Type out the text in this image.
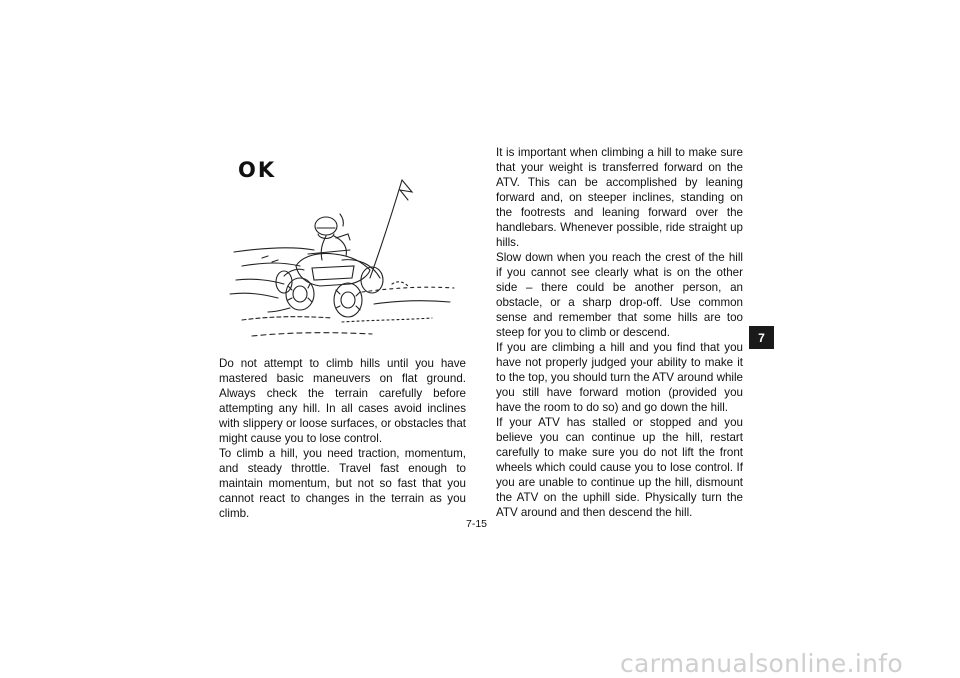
OK

Do not attempt to climb hills until you have mastered basic maneuvers on flat ground. Always check the terrain carefully before attempting any hill. In all cases avoid inclines with slippery or loose surfaces, or obstacles that might cause you to lose control.

To climb a hill, you need traction, momentum, and steady throttle. Travel fast enough to maintain momentum, but not so fast that you cannot react to changes in the terrain as you climb.

It is important when climbing a hill to make sure that your weight is transferred forward on the ATV. This can be accomplished by leaning forward and, on steeper inclines, standing on the footrests and leaning forward over the handlebars. Whenever possible, ride straight up hills.

Slow down when you reach the crest of the hill if you cannot see clearly what is on the other side – there could be another person, an obstacle, or a sharp drop-off. Use common sense and remember that some hills are too steep for you to climb or descend.

If you are climbing a hill and you find that you have not properly judged your ability to make it to the top, you should turn the ATV around while you still have forward motion (provided you have the room to do so) and go down the hill.

If your ATV has stalled or stopped and you believe you can continue up the hill, restart carefully to make sure you do not lift the front wheels which could cause you to lose control. If you are unable to continue up the hill, dismount the ATV on the uphill side. Physically turn the ATV around and then descend the hill.

7
7-15
carmanualsonline.info
